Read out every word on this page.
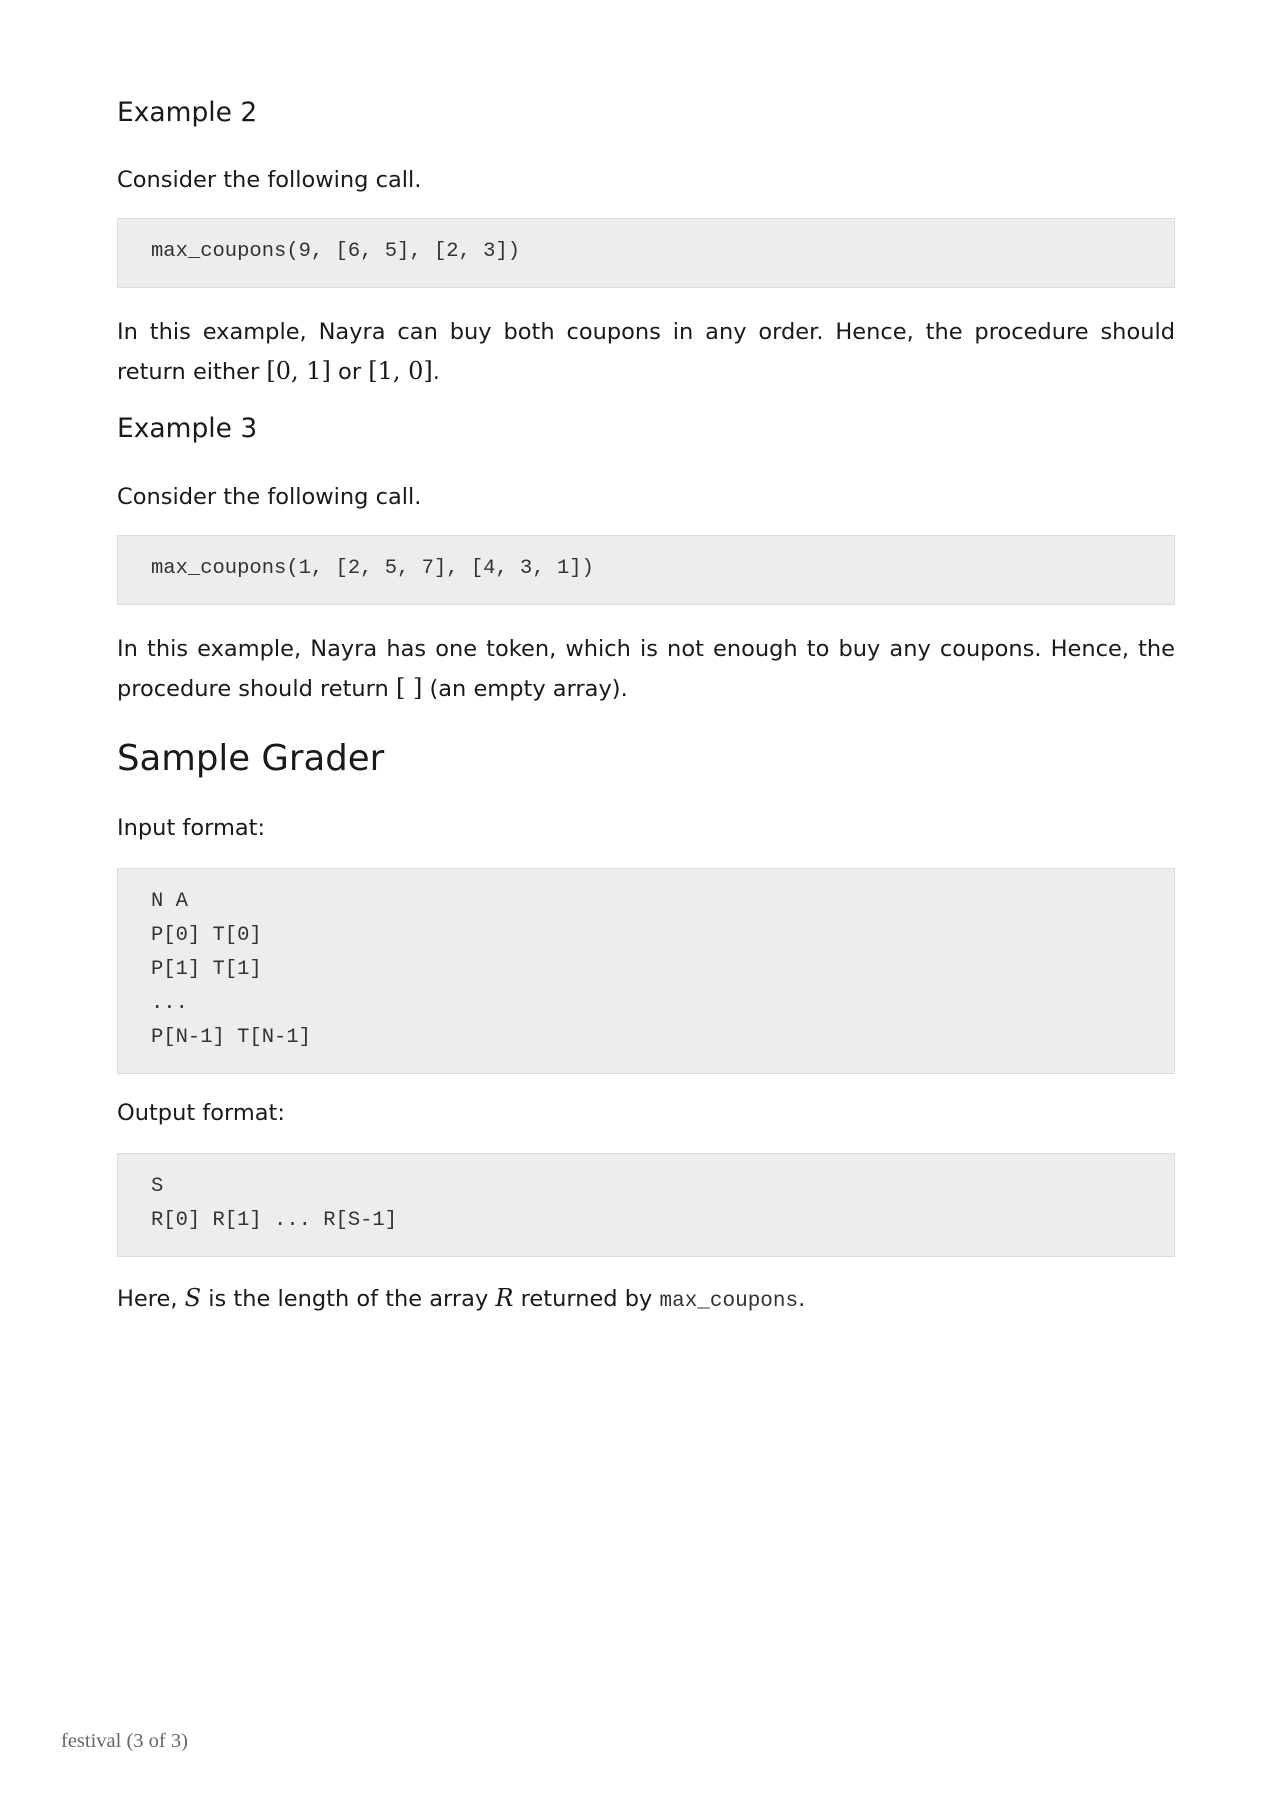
Example 2

Consider the following call.

max_coupons(9, [6, 5], [2, 3])

In this example, Nayra can buy both coupons in any order. Hence, the procedure should return either [0, 1] or [1, 0].

Example 3

Consider the following call.

max_coupons(1, [2, 5, 7], [4, 3, 1])

In this example, Nayra has one token, which is not enough to buy any coupons. Hence, the procedure should return [ ] (an empty array).

Sample Grader

Input format:

N A
P[0] T[0]
P[1] T[1]
...
P[N-1] T[N-1]

Output format:

S
R[0] R[1] ... R[S-1]

Here, S is the length of the array R returned by max_coupons.

festival (3 of 3)
